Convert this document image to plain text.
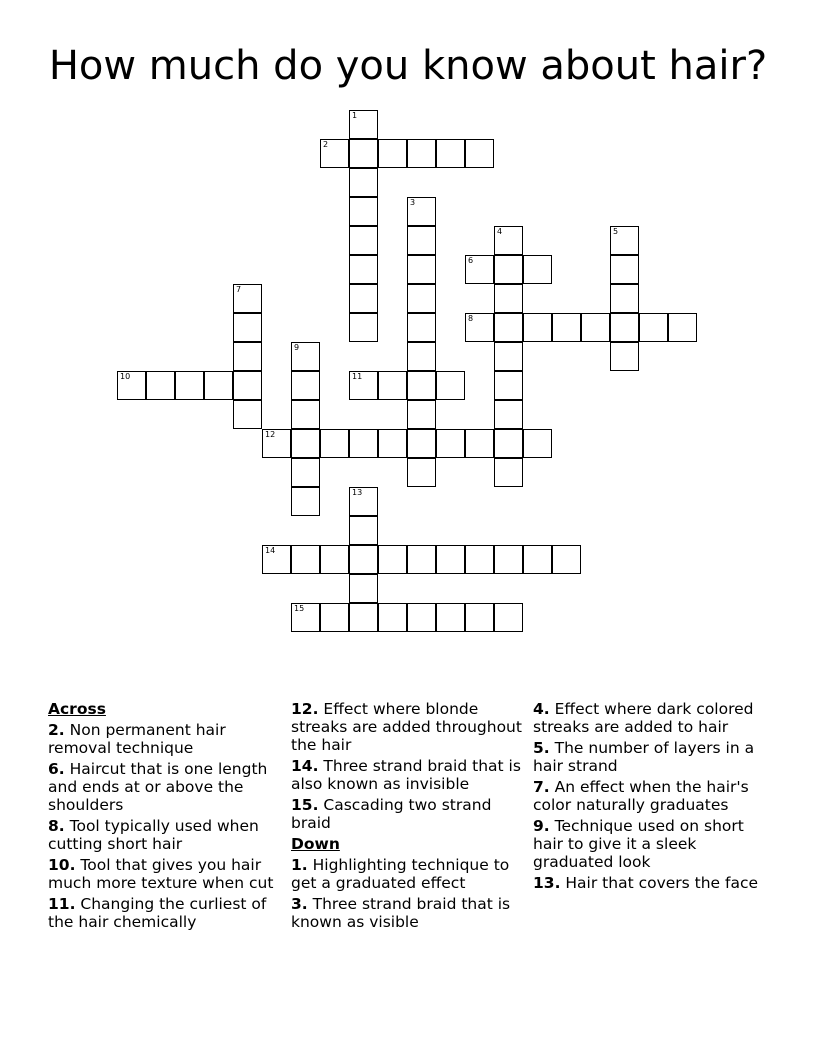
How much do you know about hair?
1
2
3
4	5
6
7
8
9
10	11
12
13
14
15
Across
2. Non permanent hair removal technique
6. Haircut that is one length and ends at or above the shoulders
8. Tool typically used when cutting short hair
10. Tool that gives you hair much more texture when cut
11. Changing the curliest of the hair chemically
12. Effect where blonde streaks are added throughout the hair
14. Three strand braid that is also known as invisible
15. Cascading two strand braid
Down
1. Highlighting technique to get a graduated effect
3. Three strand braid that is known as visible
4. Effect where dark colored streaks are added to hair
5. The number of layers in a hair strand
7. An effect when the hair's color naturally graduates
9. Technique used on short hair to give it a sleek graduated look
13. Hair that covers the face
